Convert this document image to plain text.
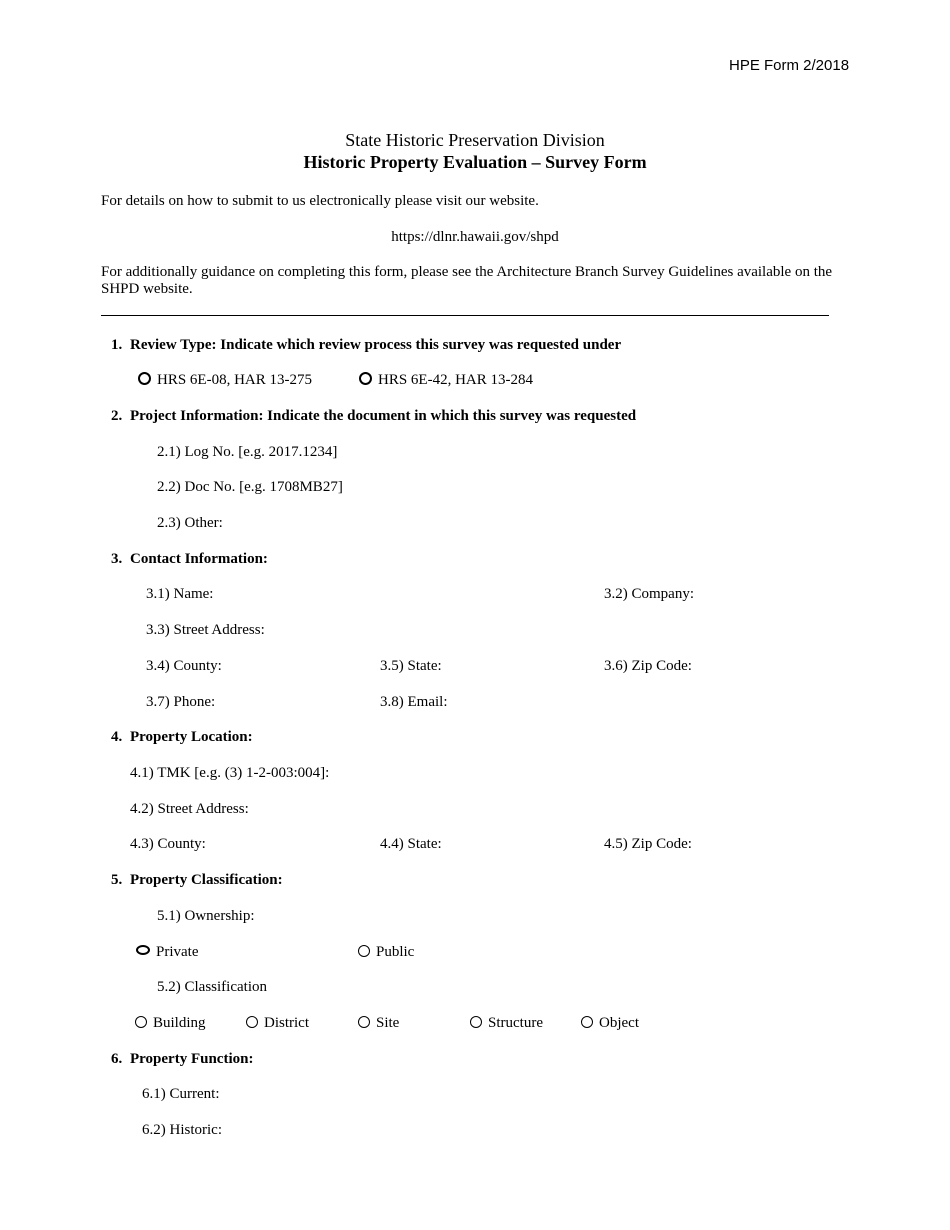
HPE Form 2/2018
State Historic Preservation Division
Historic Property Evaluation – Survey Form
For details on how to submit to us electronically please visit our website.
https://dlnr.hawaii.gov/shpd
For additionally guidance on completing this form, please see the Architecture Branch Survey Guidelines available on the SHPD website.
1. Review Type: Indicate which review process this survey was requested under
HRS 6E-08, HAR 13-275	HRS 6E-42, HAR 13-284
2. Project Information: Indicate the document in which this survey was requested
2.1) Log No. [e.g. 2017.1234]
2.2) Doc No. [e.g. 1708MB27]
2.3) Other:
3. Contact Information:
3.1) Name:	3.2) Company:
3.3) Street Address:
3.4) County:	3.5) State:	3.6) Zip Code:
3.7) Phone:	3.8) Email:
4. Property Location:
4.1) TMK [e.g. (3) 1-2-003:004]:
4.2) Street Address:
4.3) County:	4.4) State:	4.5) Zip Code:
5. Property Classification:
5.1) Ownership:
Private	Public
5.2) Classification
Building	District	Site	Structure	Object
6. Property Function:
6.1) Current:
6.2) Historic:
